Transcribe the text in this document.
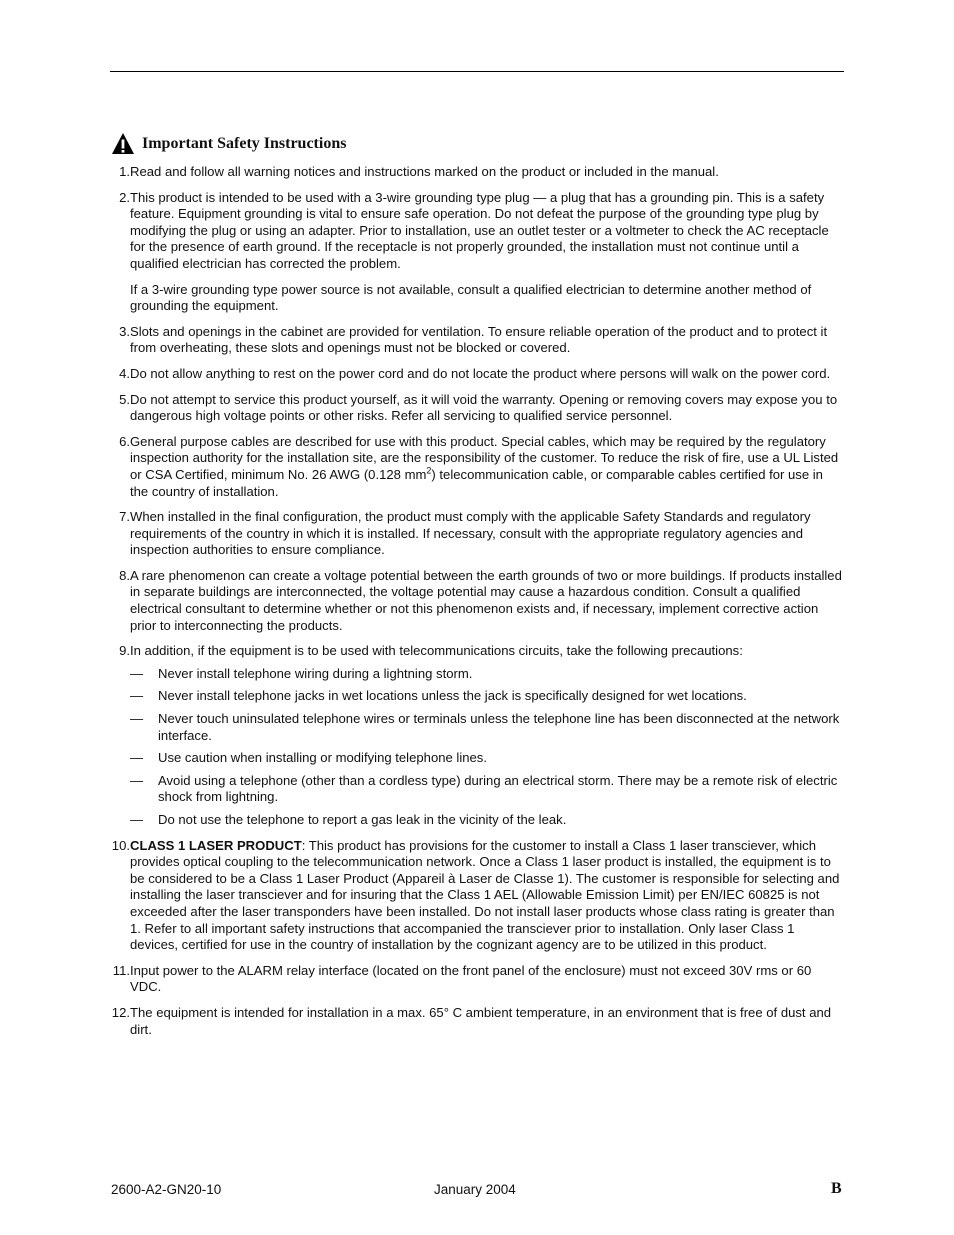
Important Safety Instructions
1. Read and follow all warning notices and instructions marked on the product or included in the manual.

2. This product is intended to be used with a 3-wire grounding type plug — a plug that has a grounding pin. This is a safety feature. Equipment grounding is vital to ensure safe operation. Do not defeat the purpose of the grounding type plug by modifying the plug or using an adapter. Prior to installation, use an outlet tester or a voltmeter to check the AC receptacle for the presence of earth ground. If the receptacle is not properly grounded, the installation must not continue until a qualified electrician has corrected the problem.

If a 3-wire grounding type power source is not available, consult a qualified electrician to determine another method of grounding the equipment.

3. Slots and openings in the cabinet are provided for ventilation. To ensure reliable operation of the product and to protect it from overheating, these slots and openings must not be blocked or covered.

4. Do not allow anything to rest on the power cord and do not locate the product where persons will walk on the power cord.

5. Do not attempt to service this product yourself, as it will void the warranty. Opening or removing covers may expose you to dangerous high voltage points or other risks. Refer all servicing to qualified service personnel.

6. General purpose cables are described for use with this product. Special cables, which may be required by the regulatory inspection authority for the installation site, are the responsibility of the customer. To reduce the risk of fire, use a UL Listed or CSA Certified, minimum No. 26 AWG (0.128 $mm^2$) telecommunication cable, or comparable cables certified for use in the country of installation.

7. When installed in the final configuration, the product must comply with the applicable Safety Standards and regulatory requirements of the country in which it is installed. If necessary, consult with the appropriate regulatory agencies and inspection authorities to ensure compliance.

8. A rare phenomenon can create a voltage potential between the earth grounds of two or more buildings. If products installed in separate buildings are interconnected, the voltage potential may cause a hazardous condition. Consult a qualified electrical consultant to determine whether or not this phenomenon exists and, if necessary, implement corrective action prior to interconnecting the products.

9. In addition, if the equipment is to be used with telecommunications circuits, take the following precautions:

—	Never install telephone wiring during a lightning storm.
—	Never install telephone jacks in wet locations unless the jack is specifically designed for wet locations.
—	Never touch uninsulated telephone wires or terminals unless the telephone line has been disconnected at the network interface.
—	Use caution when installing or modifying telephone lines.
—	Avoid using a telephone (other than a cordless type) during an electrical storm. There may be a remote risk of electric shock from lightning.
—	Do not use the telephone to report a gas leak in the vicinity of the leak.
10. CLASS 1 LASER PRODUCT: This product has provisions for the customer to install a Class 1 laser transciever, which provides optical coupling to the telecommunication network. Once a Class 1 laser product is installed, the equipment is to be considered to be a Class 1 Laser Product (Appareil à Laser de Classe 1). The customer is responsible for selecting and installing the laser transciever and for insuring that the Class 1 AEL (Allowable Emission Limit) per EN/IEC 60825 is not exceeded after the laser transponders have been installed. Do not install laser products whose class rating is greater than 1. Refer to all important safety instructions that accompanied the transciever prior to installation. Only laser Class 1 devices, certified for use in the country of installation by the cognizant agency are to be utilized in this product.

11. Input power to the ALARM relay interface (located on the front panel of the enclosure) must not exceed 30V rms or 60 VDC.

12. The equipment is intended for installation in a max. 65° C ambient temperature, in an environment that is free of dust and dirt.

2600-A2-GN20-10	January 2004	B
